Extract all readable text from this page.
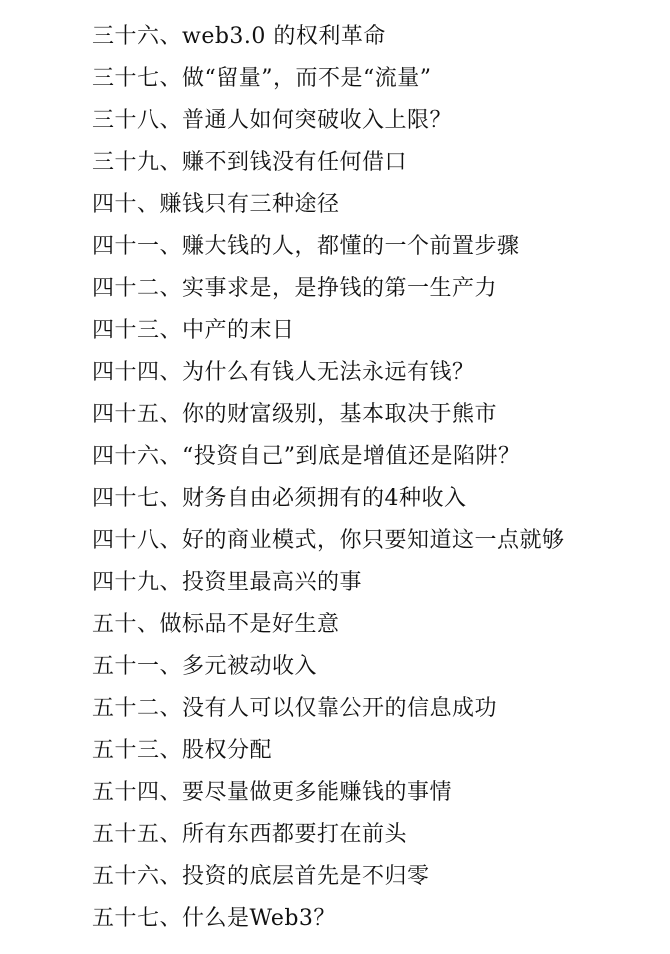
三十六、web3.0 的权利革命
三十七、做“留量”，而不是“流量”
三十八、普通人如何突破收入上限？
三十九、赚不到钱没有任何借口
四十、赚钱只有三种途径
四十一、赚大钱的人，都懂的一个前置步骤
四十二、实事求是，是挣钱的第一生产力
四十三、中产的末日
四十四、为什么有钱人无法永远有钱？
四十五、你的财富级别，基本取决于熊市
四十六、“投资自己”到底是增值还是陷阱？
四十七、财务自由必须拥有的4种收入
四十八、好的商业模式，你只要知道这一点就够
四十九、投资里最高兴的事
五十、做标品不是好生意
五十一、多元被动收入
五十二、没有人可以仅靠公开的信息成功
五十三、股权分配
五十四、要尽量做更多能赚钱的事情
五十五、所有东西都要打在前头
五十六、投资的底层首先是不归零
五十七、什么是Web3？
